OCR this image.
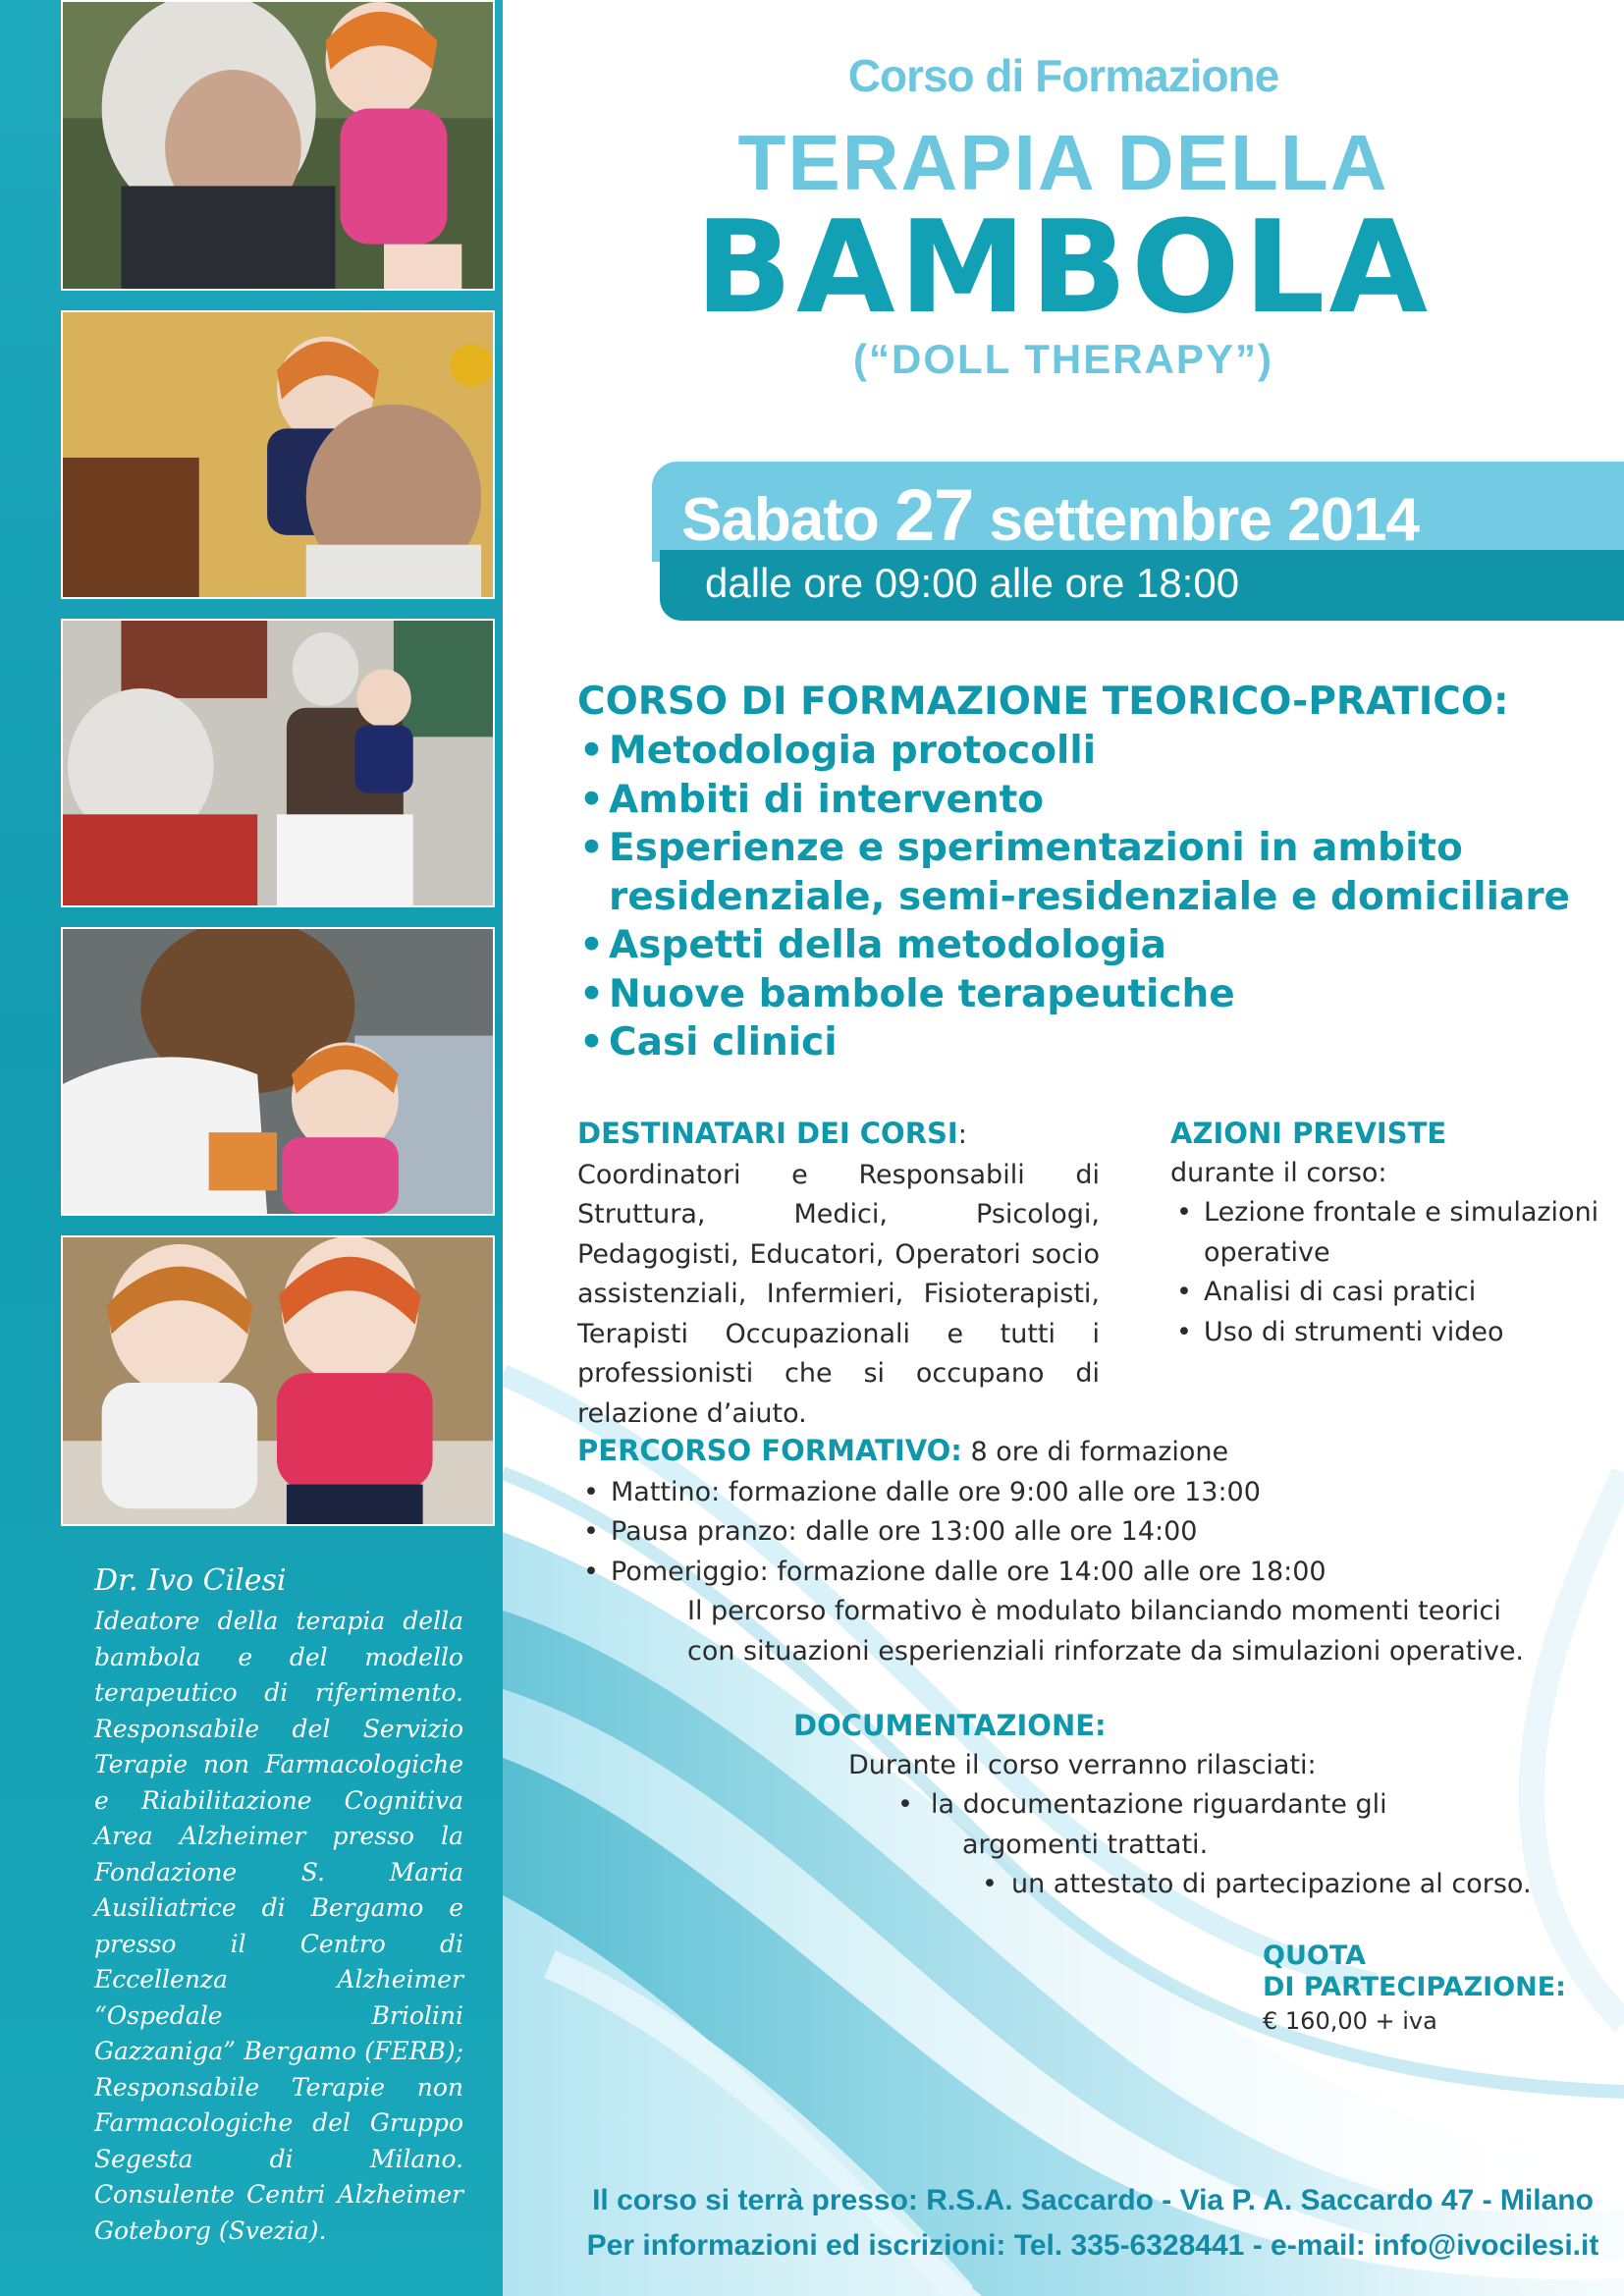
Dr. Ivo Cilesi
Ideatore della terapia della bambola e del modello terapeutico di riferimento. Responsabile del Servizio Terapie non Farmacologiche e Riabilitazione Cognitiva Area Alzheimer presso la Fondazione S. Maria Ausiliatrice di Bergamo e presso il Centro di Eccellenza Alzheimer “Ospedale Briolini Gazzaniga” Bergamo (FERB); Responsabile Terapie non Farmacologiche del Gruppo Segesta di Milano. Consulente Centri Alzheimer Goteborg (Svezia).
Corso di Formazione
TERAPIA DELLA
BAMBOLA
(“DOLL THERAPY”)
Sabato 27 settembre 2014
dalle ore 09:00 alle ore 18:00
CORSO DI FORMAZIONE TEORICO-PRATICO:
• Metodologia protocolli
• Ambiti di intervento
• Esperienze e sperimentazioni in ambito residenziale, semi-residenziale e domiciliare
• Aspetti della metodologia
• Nuove bambole terapeutiche
• Casi clinici
DESTINATARI DEI CORSI:
Coordinatori e Responsabili di Struttura, Medici, Psicologi, Pedagogisti, Educatori, Operatori socio assistenziali, Infermieri, Fisioterapisti, Terapisti Occupazionali e tutti i professionisti che si occupano di relazione d’aiuto.
AZIONI PREVISTE
durante il corso:
• Lezione frontale e simulazioni operative
• Analisi di casi pratici
• Uso di strumenti video
PERCORSO FORMATIVO: 8 ore di formazione
• Mattino: formazione dalle ore 9:00 alle ore 13:00
• Pausa pranzo: dalle ore 13:00 alle ore 14:00
• Pomeriggio: formazione dalle ore 14:00 alle ore 18:00
Il percorso formativo è modulato bilanciando momenti teorici
con situazioni esperienziali rinforzate da simulazioni operative.
DOCUMENTAZIONE:
Durante il corso verranno rilasciati:
• la documentazione riguardante gli
argomenti trattati.
• un attestato di partecipazione al corso.
QUOTA
DI PARTECIPAZIONE:
€ 160,00 + iva
Il corso si terrà presso: R.S.A. Saccardo - Via P. A. Saccardo 47 - Milano
Per informazioni ed iscrizioni: Tel. 335-6328441 - e-mail: info@ivocilesi.it
